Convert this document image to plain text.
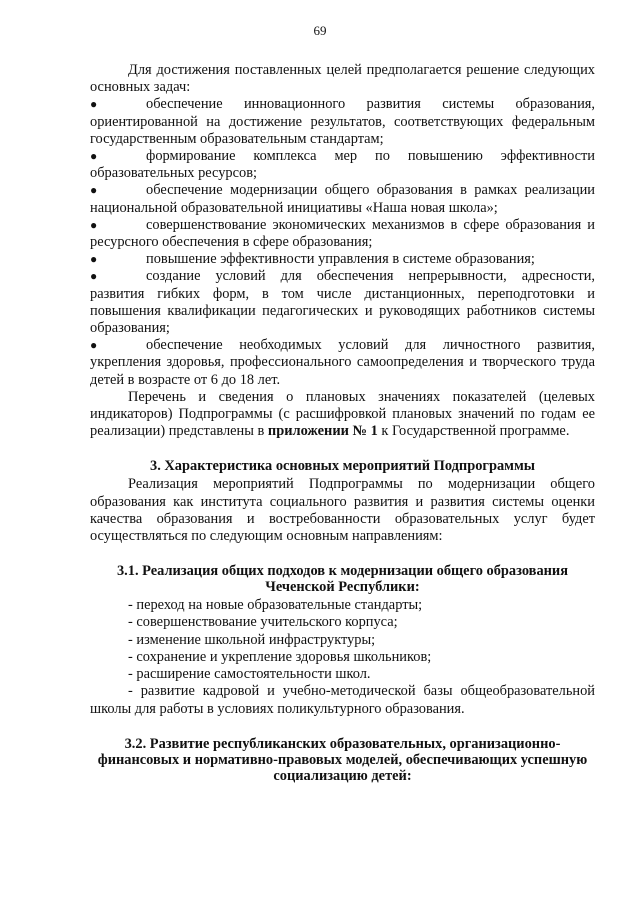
69

Для достижения поставленных целей предполагается решение следующих основных задач:

●	обеспечение инновационного развития системы образования, ориентированной на достижение результатов, соответствующих федеральным государственным образовательным стандартам;
●	формирование комплекса мер по повышению эффективности образовательных ресурсов;
●	обеспечение модернизации общего образования в рамках реализации национальной образовательной инициативы «Наша новая школа»;
●	совершенствование экономических механизмов в сфере образования и ресурсного обеспечения в сфере образования;
●	повышение эффективности управления в системе образования;
●	создание условий для обеспечения непрерывности, адресности, развития гибких форм, в том числе дистанционных, переподготовки и повышения квалификации педагогических и руководящих работников системы образования;
●	обеспечение необходимых условий для личностного развития, укрепления здоровья, профессионального самоопределения и творческого труда детей в возрасте от 6 до 18 лет.

Перечень и сведения о плановых значениях показателей (целевых индикаторов) Подпрограммы (с расшифровкой плановых значений по годам ее реализации) представлены в приложении № 1 к Государственной программе.

3. Характеристика основных мероприятий Подпрограммы

Реализация мероприятий Подпрограммы по модернизации общего образования как института социального развития и развития системы оценки качества образования и востребованности образовательных услуг будет осуществляться по следующим основным направлениям:

3.1. Реализация общих подходов к модернизации общего образования Чеченской Республики:

- переход на новые образовательные стандарты;

- совершенствование учительского корпуса;

- изменение школьной инфраструктуры;

- сохранение и укрепление здоровья школьников;

- расширение самостоятельности школ.

- развитие кадровой и учебно-методической базы общеобразовательной школы для работы в условиях поликультурного образования.

3.2. Развитие республиканских образовательных, организационно-финансовых и нормативно-правовых моделей, обеспечивающих успешную социализацию детей:
